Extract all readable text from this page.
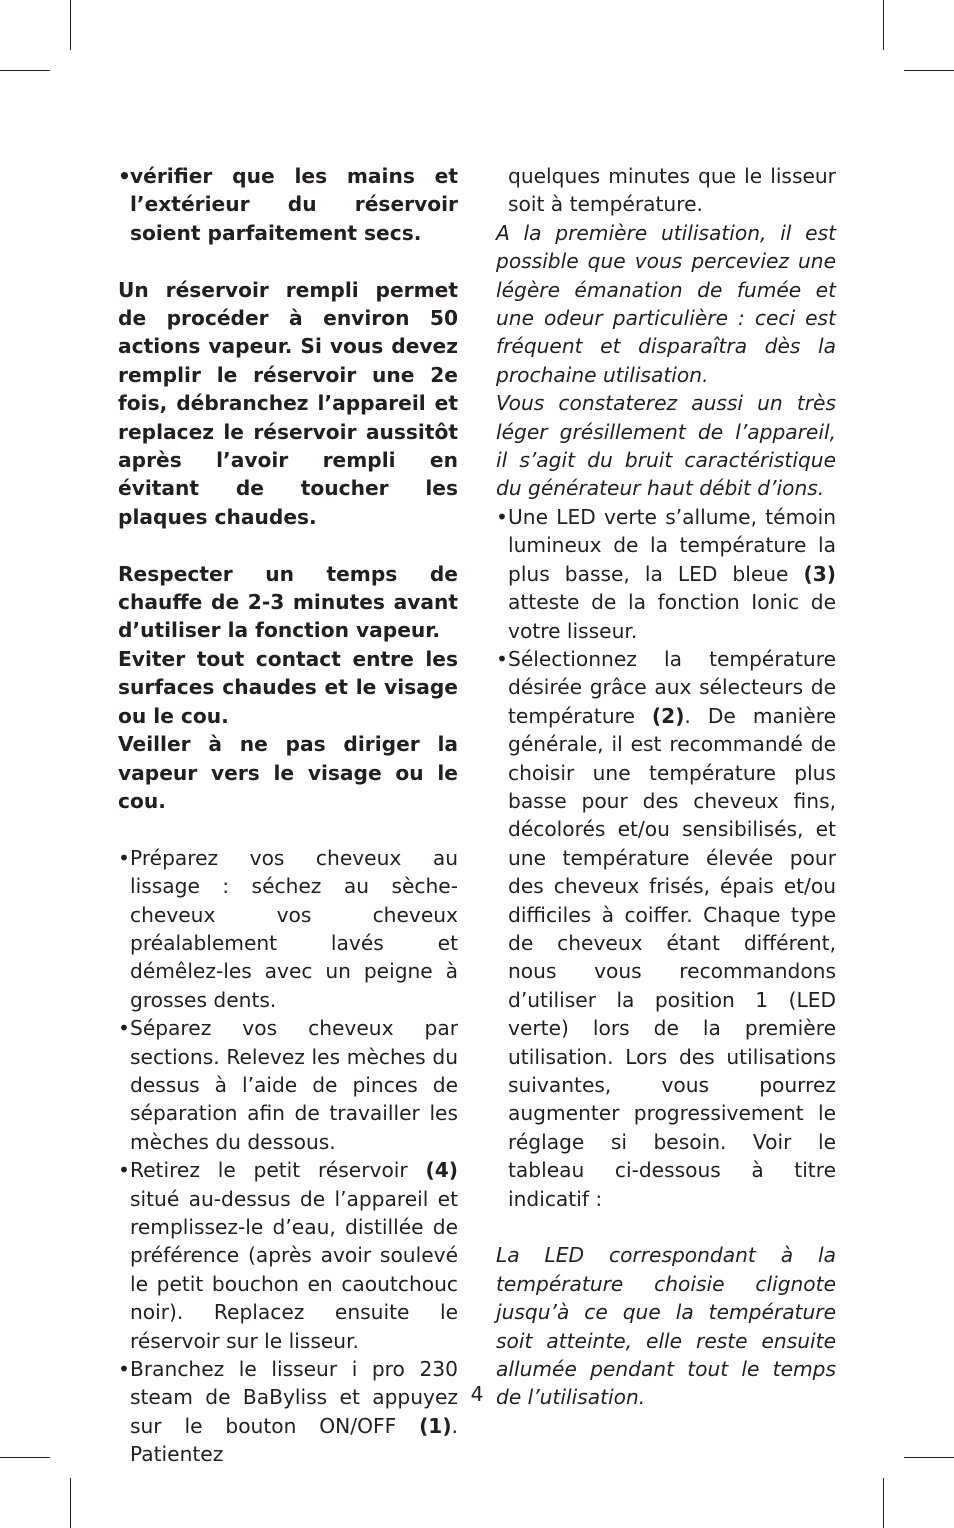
• vérifier que les mains et l’extérieur du réservoir soient parfaitement secs.

Un réservoir rempli permet de procéder à environ 50 actions vapeur. Si vous devez remplir le réservoir une 2e fois, débranchez l’appareil et replacez le réservoir aussitôt après l’avoir rempli en évitant de toucher les plaques chaudes.

Respecter un temps de chauffe de 2-3 minutes avant d’utiliser la fonction vapeur.

Eviter tout contact entre les surfaces chaudes et le visage ou le cou.

Veiller à ne pas diriger la vapeur vers le visage ou le cou.

• Préparez vos cheveux au lissage : séchez au sèche-cheveux vos cheveux préalablement lavés et démêlez-les avec un peigne à grosses dents.

• Séparez vos cheveux par sections. Relevez les mèches du dessus à l’aide de pinces de séparation afin de travailler les mèches du dessous.

• Retirez le petit réservoir (4) situé au-dessus de l’appareil et remplissez-le d’eau, distillée de préférence (après avoir soulevé le petit bouchon en caoutchouc noir). Replacez ensuite le réservoir sur le lisseur.

• Branchez le lisseur i pro 230 steam de BaByliss et appuyez sur le bouton ON/OFF (1). Patientez

quelques minutes que le lisseur soit à température.

A la première utilisation, il est possible que vous perceviez une légère émanation de fumée et une odeur particulière : ceci est fréquent et disparaîtra dès la prochaine utilisation.

Vous constaterez aussi un très léger grésillement de l’appareil, il s’agit du bruit caractéristique du générateur haut débit d’ions.

• Une LED verte s’allume, témoin lumineux de la température la plus basse, la LED bleue (3) atteste de la fonction Ionic de votre lisseur.

• Sélectionnez la température désirée grâce aux sélecteurs de température (2). De manière générale, il est recommandé de choisir une température plus basse pour des cheveux fins, décolorés et/ou sensibilisés, et une température élevée pour des cheveux frisés, épais et/ou difficiles à coiffer. Chaque type de cheveux étant différent, nous vous recommandons d’utiliser la position 1 (LED verte) lors de la première utilisation. Lors des utilisations suivantes, vous pourrez augmenter progressivement le réglage si besoin. Voir le tableau ci-dessous à titre indicatif :

La LED correspondant à la température choisie clignote jusqu’à ce que la température soit atteinte, elle reste ensuite allumée pendant tout le temps de l’utilisation.

4
